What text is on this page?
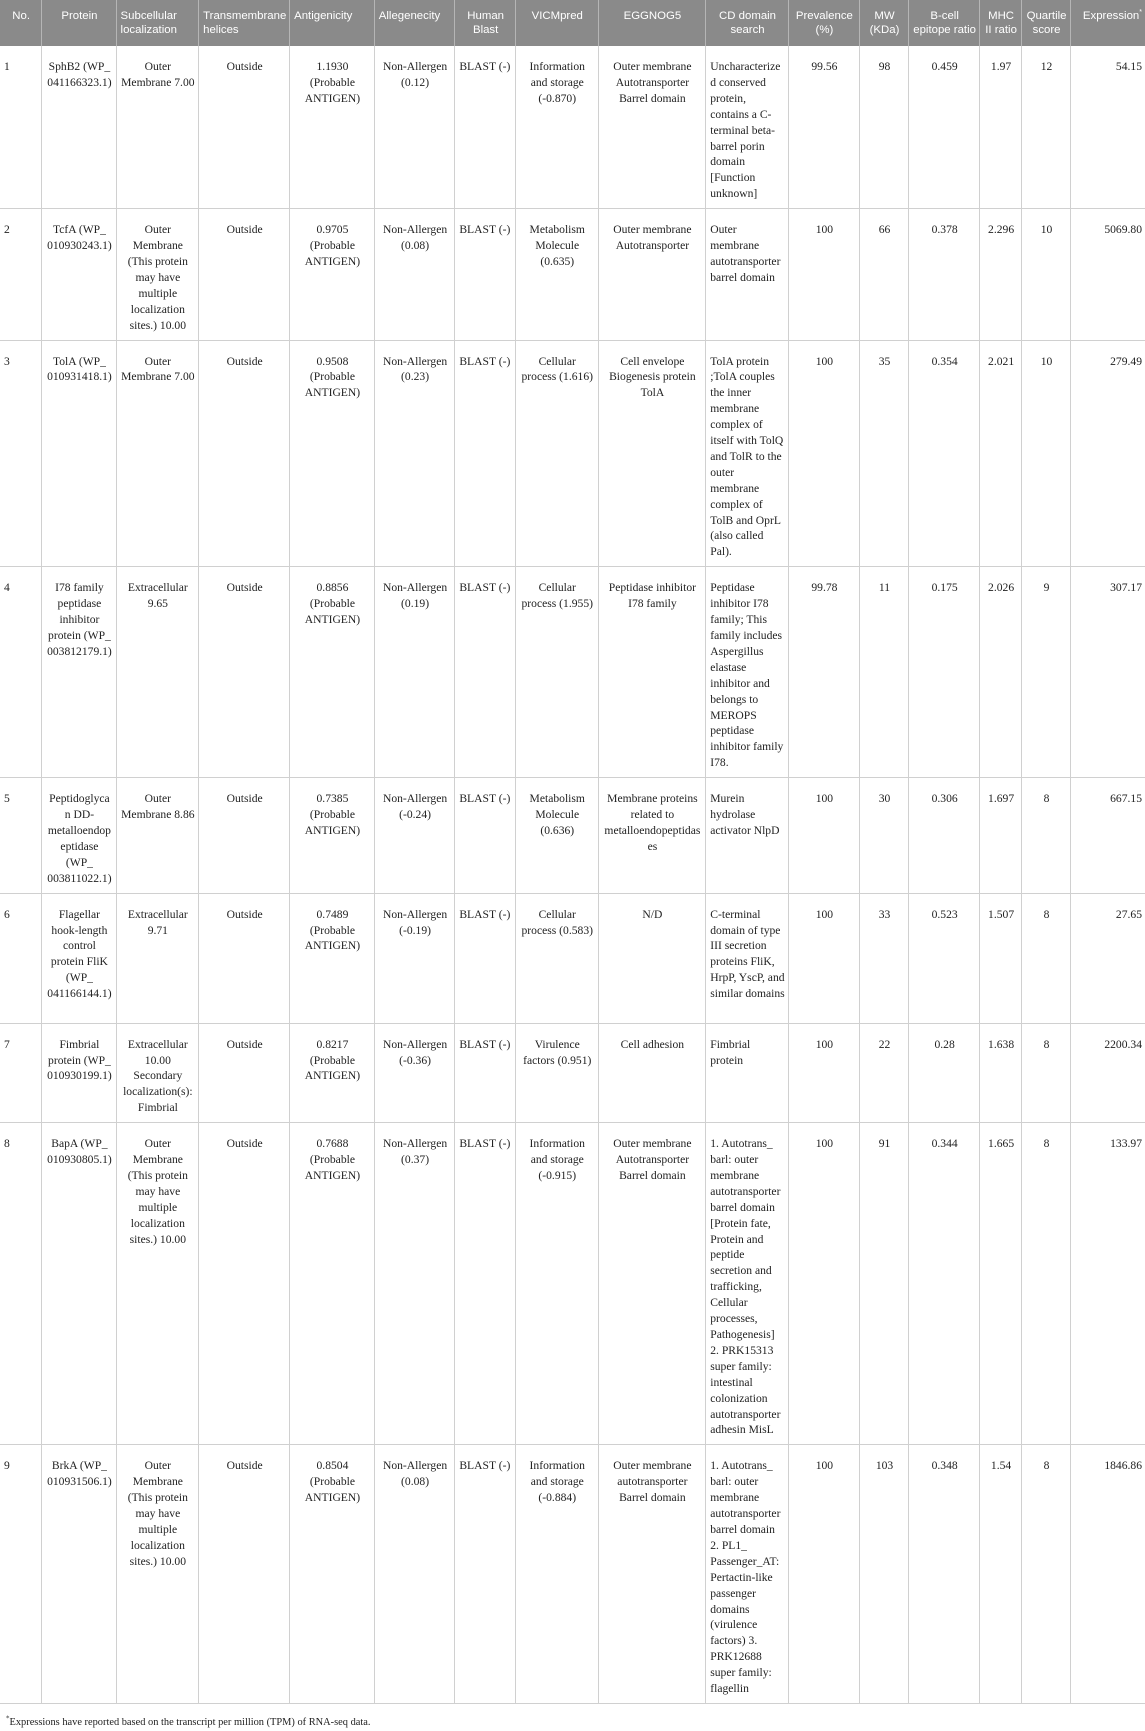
No.	Protein	Subcellular localization	Transmembrane helices	Antigenicity	Allegenecity	Human Blast	VICMpred	EGGNOG5	CD domain search	Prevalence (%)	MW (KDa)	B-cell epitope ratio	MHC II ratio	Quartile score	Expression*
1	SphB2 (WP_ 041166323.1)	Outer Membrane 7.00	Outside	1.1930 (Probable ANTIGEN)	Non-Allergen (0.12)	BLAST (-)	Information and storage (-0.870)	Outer membrane Autotransporter Barrel domain	Uncharacterized conserved protein, contains a C-terminal beta-barrel porin domain [Function unknown]	99.56	98	0.459	1.97	12	54.15
2	TcfA (WP_ 010930243.1)	Outer Membrane (This protein may have multiple localization sites.) 10.00	Outside	0.9705 (Probable ANTIGEN)	Non-Allergen (0.08)	BLAST (-)	Metabolism Molecule (0.635)	Outer membrane Autotransporter	Outer membrane autotransporter barrel domain	100	66	0.378	2.296	10	5069.80
3	TolA (WP_ 010931418.1)	Outer Membrane 7.00	Outside	0.9508 (Probable ANTIGEN)	Non-Allergen (0.23)	BLAST (-)	Cellular process (1.616)	Cell envelope Biogenesis protein TolA	TolA protein ;TolA couples the inner membrane complex of itself with TolQ and TolR to the outer membrane complex of TolB and OprL (also called Pal).	100	35	0.354	2.021	10	279.49
4	I78 family peptidase inhibitor protein (WP_ 003812179.1)	Extracellular 9.65	Outside	0.8856 (Probable ANTIGEN)	Non-Allergen (0.19)	BLAST (-)	Cellular process (1.955)	Peptidase inhibitor I78 family	Peptidase inhibitor I78 family; This family includes Aspergillus elastase inhibitor and belongs to MEROPS peptidase inhibitor family I78.	99.78	11	0.175	2.026	9	307.17
5	Peptidoglycan DD-metalloendopeptidase (WP_ 003811022.1)	Outer Membrane 8.86	Outside	0.7385 (Probable ANTIGEN)	Non-Allergen (-0.24)	BLAST (-)	Metabolism Molecule (0.636)	Membrane proteins related to metalloendopeptidases	Murein hydrolase activator NlpD	100	30	0.306	1.697	8	667.15
6	Flagellar hook-length control protein FliK (WP_ 041166144.1)	Extracellular 9.71	Outside	0.7489 (Probable ANTIGEN)	Non-Allergen (-0.19)	BLAST (-)	Cellular process (0.583)	N/D	C-terminal domain of type III secretion proteins FliK, HrpP, YscP, and similar domains	100	33	0.523	1.507	8	27.65
7	Fimbrial protein (WP_ 010930199.1)	Extracellular 10.00 Secondary localization(s): Fimbrial	Outside	0.8217 (Probable ANTIGEN)	Non-Allergen (-0.36)	BLAST (-)	Virulence factors (0.951)	Cell adhesion	Fimbrial protein	100	22	0.28	1.638	8	2200.34
8	BapA (WP_ 010930805.1)	Outer Membrane (This protein may have multiple localization sites.) 10.00	Outside	0.7688 (Probable ANTIGEN)	Non-Allergen (0.37)	BLAST (-)	Information and storage (-0.915)	Outer membrane Autotransporter Barrel domain	1. Autotrans_ barl: outer membrane autotransporter barrel domain [Protein fate, Protein and peptide secretion and trafficking, Cellular processes, Pathogenesis] 2. PRK15313 super family: intestinal colonization autotransporter adhesin MisL	100	91	0.344	1.665	8	133.97
9	BrkA (WP_ 010931506.1)	Outer Membrane (This protein may have multiple localization sites.) 10.00	Outside	0.8504 (Probable ANTIGEN)	Non-Allergen (0.08)	BLAST (-)	Information and storage (-0.884)	Outer membrane autotransporter Barrel domain	1. Autotrans_ barl: outer membrane autotransporter barrel domain 2. PL1_ Passenger_AT: Pertactin-like passenger domains (virulence factors) 3. PRK12688 super family: flagellin	100	103	0.348	1.54	8	1846.86
*Expressions have reported based on the transcript per million (TPM) of RNA-seq data.
